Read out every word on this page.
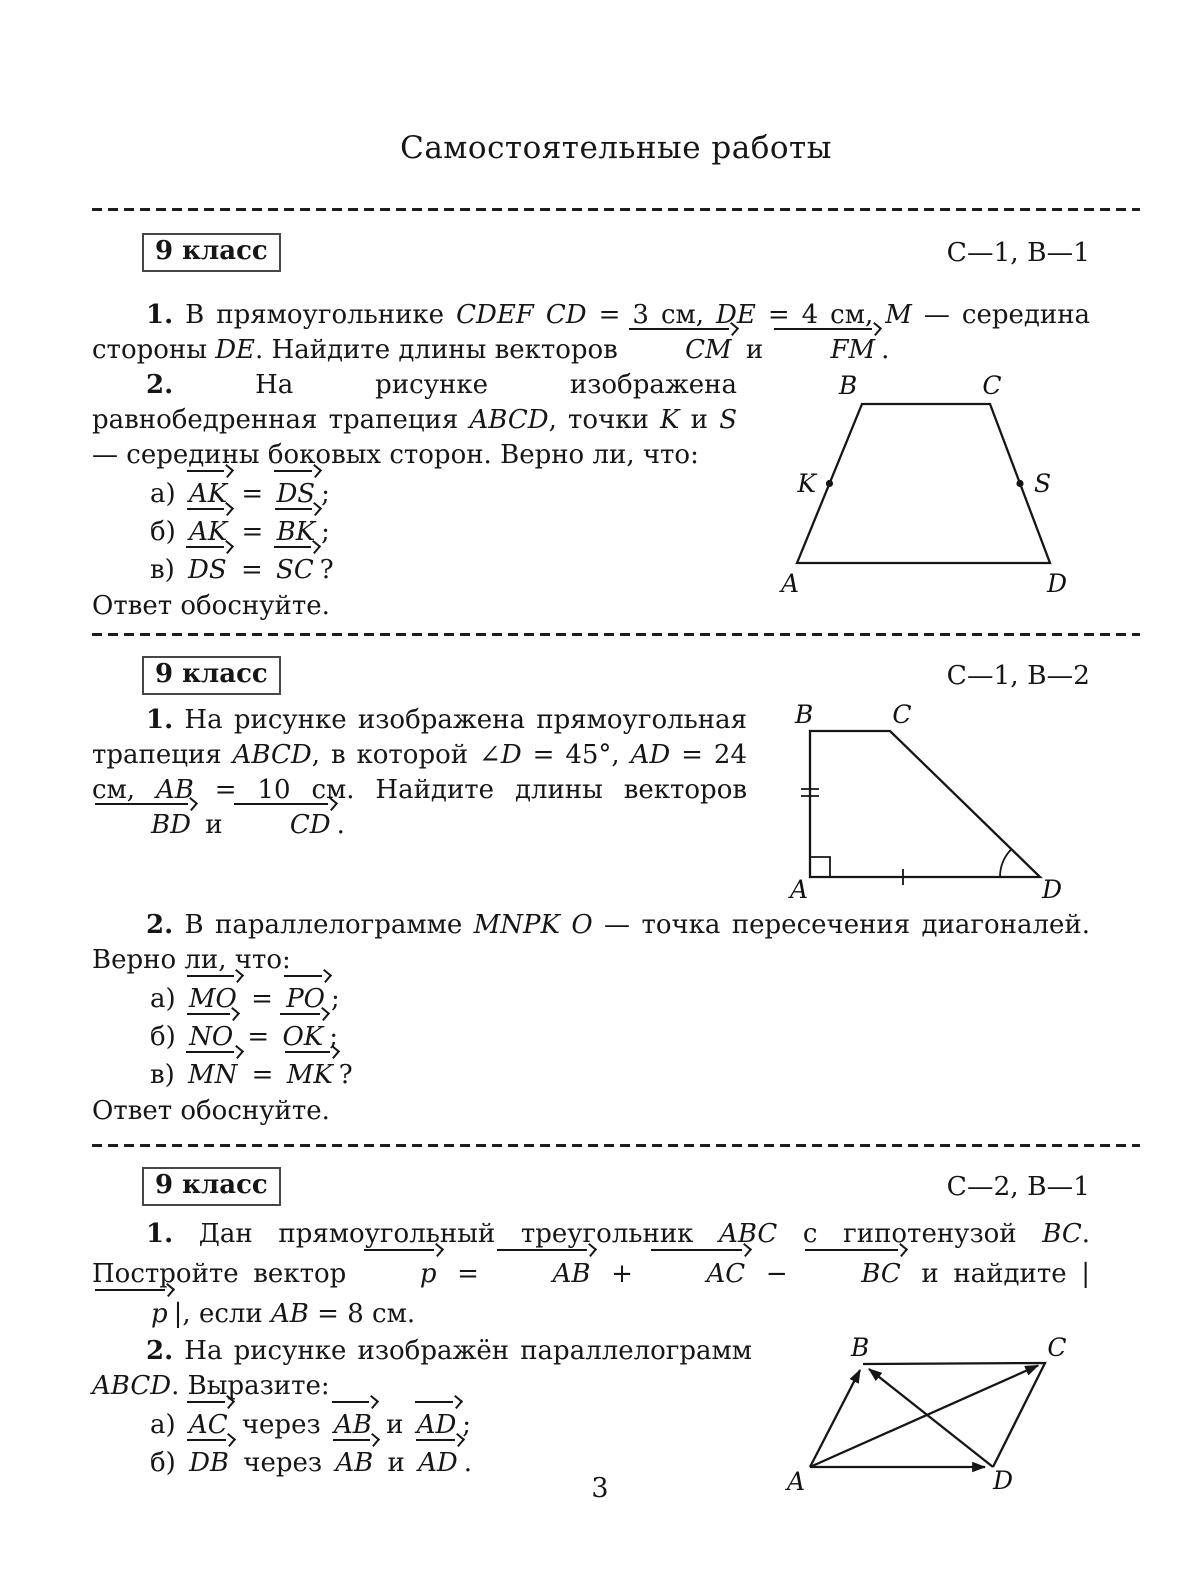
Самостоятельные работы
9 класс	С—1, В—1

1. В прямоугольнике CDEF CD = 3 см, DE = 4 см, M — середина стороны DE. Найдите длины векторов CM и FM .

2. На рисунке изображена равнобедренная трапеция ABCD, точки K и S — середины боковых сторон. Верно ли, что:

а) AK = DS ;
б) AK = BK ;
в) DS = SC ?

Ответ обоснуйте.

B	C
A	D
K	S
9 класс	С—1, В—2

1. На рисунке изображена прямоугольная трапеция ABCD, в которой ∠D = 45°, AD = 24 см, AB = 10 см. Найдите длины векторов BD и CD .

B	C
A	D

2. В параллелограмме MNPK O — точка пересечения диагоналей. Верно ли, что:

а) MO = PO ;
б) NO = OK ;
в) MN = MK ?

Ответ обоснуйте.

9 класс	С—2, В—1

1. Дан прямоугольный треугольник ABC с гипотенузой BC. Постройте вектор p = AB + AC − BC и найдите |p |, если AB = 8 см.

2. На рисунке изображён параллелограмм ABCD. Выразите:

а) AC через AB и AD ;
б) DB через AB и AD .
B	C
A	D
3
